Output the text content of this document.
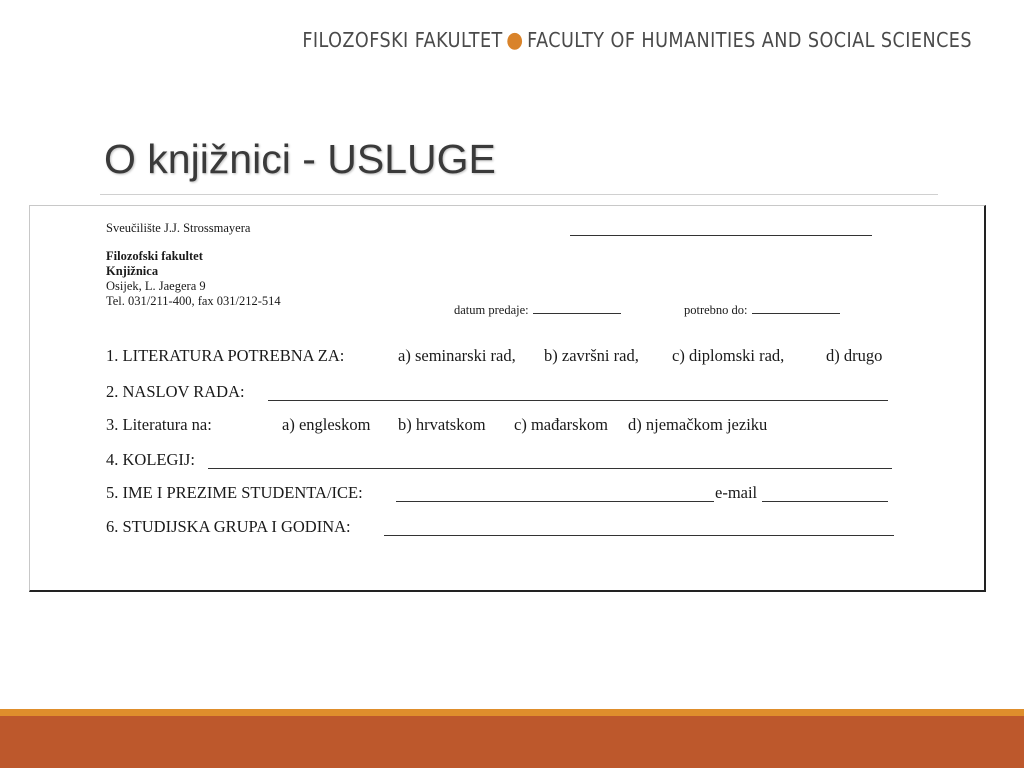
FILOZOFSKI FAKULTET ● FACULTY OF HUMANITIES AND SOCIAL SCIENCES
O knjižnici - USLUGE
Sveučilište J.J. Strossmayera
Filozofski fakultet
Knjižnica
Osijek, L. Jaegera 9
Tel. 031/211-400, fax 031/212-514
datum predaje:	potrebno do:
1. LITERATURA POTREBNA ZA:	a) seminarski rad, b) završni rad, c) diplomski rad,	d) drugo
2. NASLOV RADA:
3. Literatura na:	a) engleskom b) hrvatskom c) mađarskom d) njemačkom jeziku
4. KOLEGIJ:
5. IME I PREZIME STUDENTA/ICE:	e-mail
6. STUDIJSKA GRUPA I GODINA:
